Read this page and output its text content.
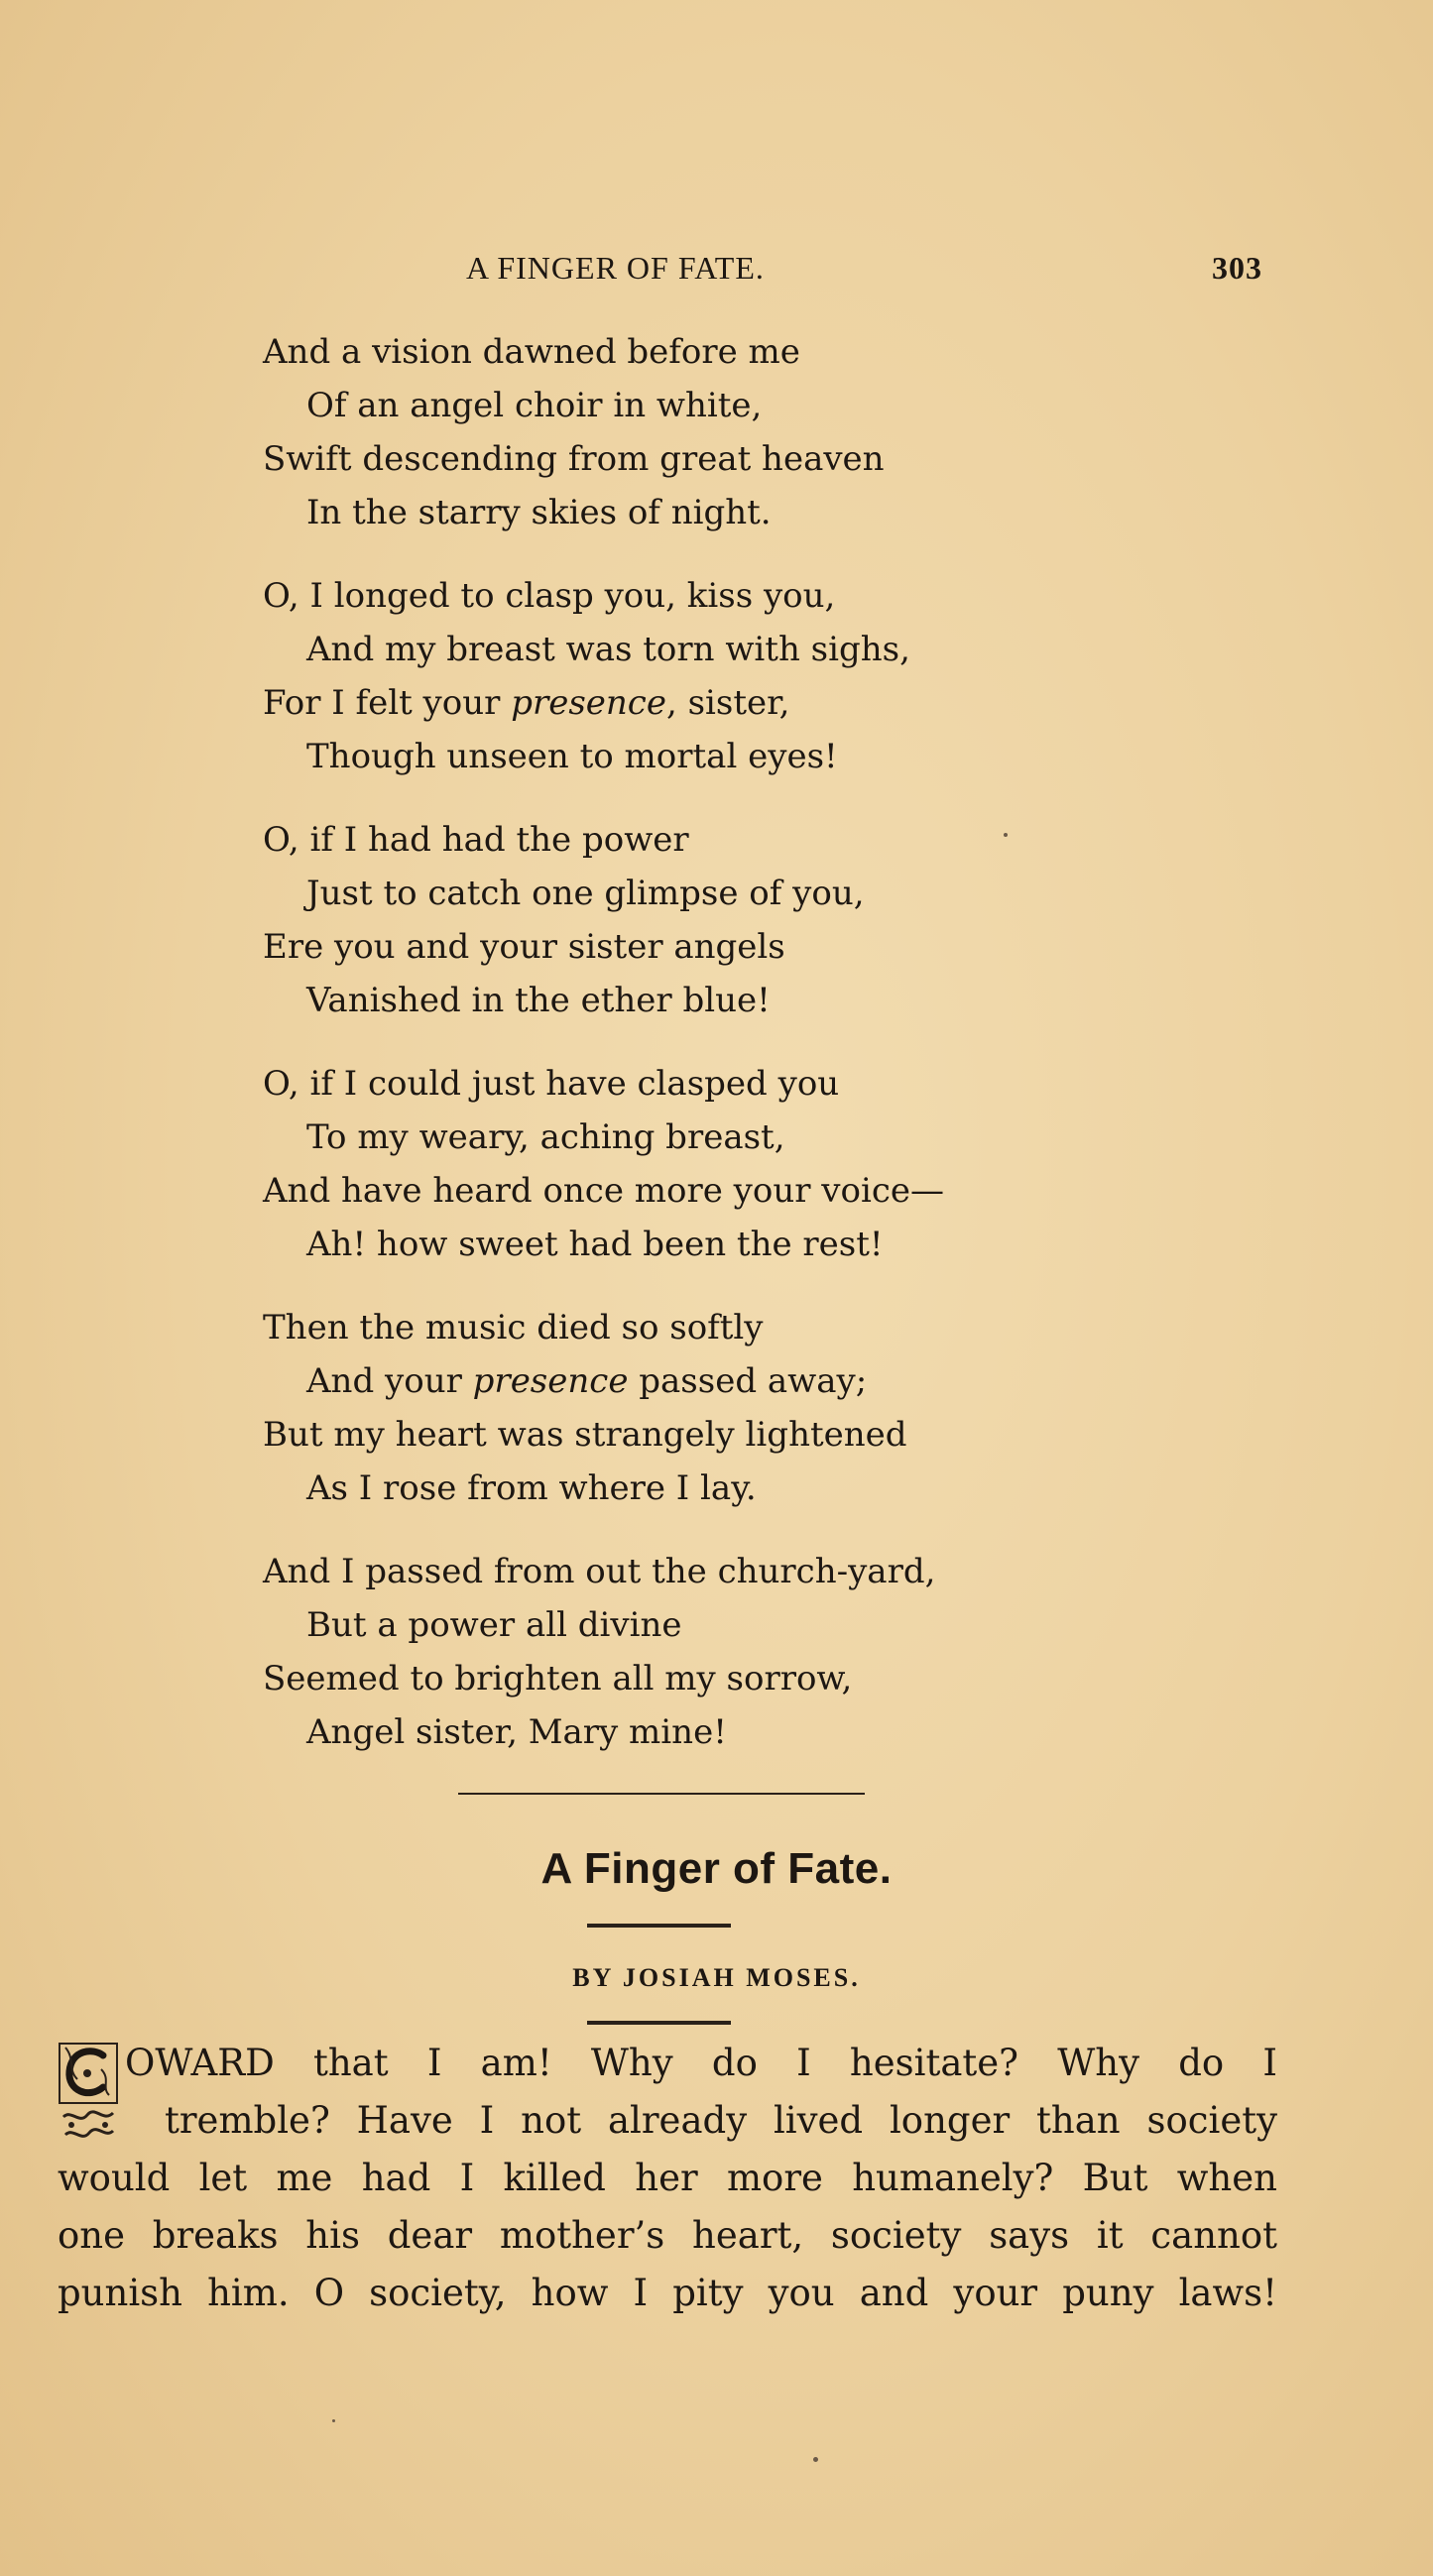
A FINGER OF FATE.	303
And a vision dawned before me
Of an angel choir in white,
Swift descending from great heaven
In the starry skies of night.
O, I longed to clasp you, kiss you,
And my breast was torn with sighs,
For I felt your presence, sister,
Though unseen to mortal eyes!
O, if I had had the power
Just to catch one glimpse of you,
Ere you and your sister angels
Vanished in the ether blue!
O, if I could just have clasped you
To my weary, aching breast,
And have heard once more your voice—
Ah! how sweet had been the rest!
Then the music died so softly
And your presence passed away;
But my heart was strangely lightened
As I rose from where I lay.
And I passed from out the church-yard,
But a power all divine
Seemed to brighten all my sorrow,
Angel sister, Mary mine!
A Finger of Fate.
BY JOSIAH MOSES.
OWARD that I am! Why do I hesitate? Why do I
tremble? Have I not already lived longer than society
would let me had I killed her more humanely? But when
one breaks his dear mother’s heart, society says it cannot
punish him. O society, how I pity you and your puny laws!
